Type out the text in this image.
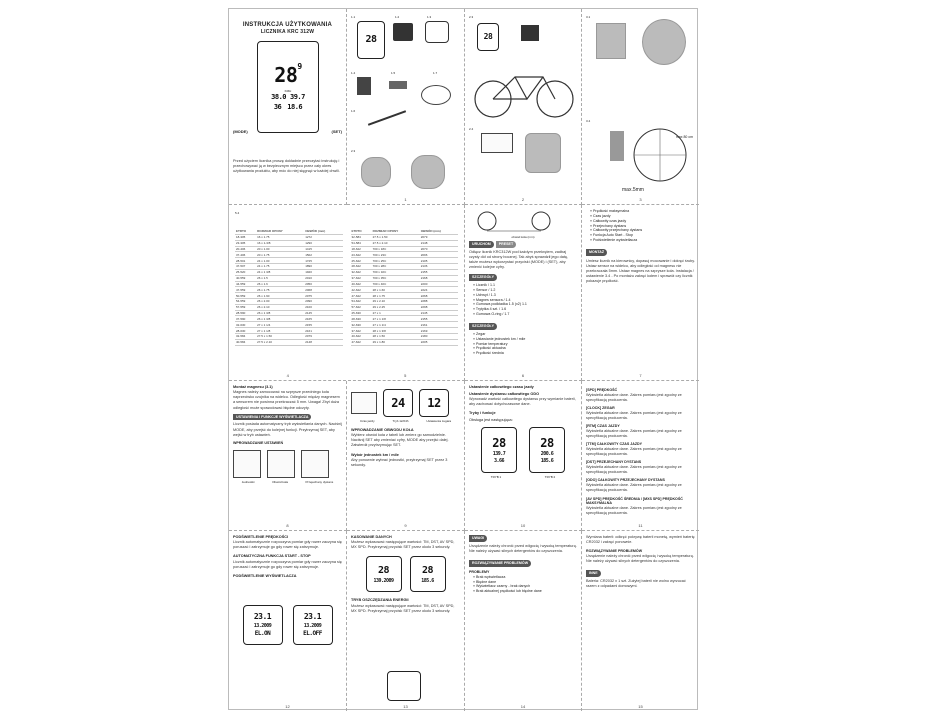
INSTRUKCJA UŻYTKOWANIA
LICZNIKA KRC 312W
28 9
KMH
38.0 39.7
36 18.6
(MODE)	(SET)
Przed użyciem licznika proszę dokładnie przeczytać instrukcję i przechowywać ją w bezpiecznym miejscu przez cały okres użytkowania produktu, aby móc do niej sięgnąć w każdej chwili.
1.1
28
1.2	1.3
1.4	1.5
1.6
1.7
2.3
1
2.3
28
2.4
2
3.1
3.4
max 80 cm
max.5mm
3
5.4
ETRTO	ROZMIAR OPONY	OBWÓD (mm)
18-305	16 x 1.75	1272
23-305	16 x 1-3/8	1290
20-406	20 x 1.00	1415
37-406	20 x 1.75	1502
28-501	24 x 1.00	1725
47-507	24 x 1.75	1890
25-520	24 x 1 3/8	1920
40-559	26 x 1.5	2010
44-559	26 x 1.6	2050
47-559	26 x 1.75	2068
50-559	26 x 1.90	2075
54-559	26 x 2.00	2090
57-559	26 x 2.10	2100
28-590	26 x 1 3/8	2145
37-590	26 x 1 3/8	2165
32-630	27 x 1 1/4	2155
28-630	27 x 1 1/8	2161
32-584	27.5 x 1.50	2079
40-584	27.5 x 2.10	2148
ETRTO	ROZMIAR OPONY	OBWÓD (mm)
32-584	27.5 x 1.50	2079
54-584	27.5 x 2.10	2148
18-622	700 x 18C	2070
23-622	700 x 23C	2096
25-622	700 x 25C	2105
28-622	700 x 28C	2136
32-622	700 x 32C	2155
37-622	700 x 35C	2168
40-622	700 x 40C	2200
42-622	28 x 1.60	2224
47-622	28 x 1.75	2268
54-622	29 x 2.10	2288
57-622	29 x 2.25	2298
25-630	27 x 1	2145
28-630	27 x 1 1/8	2155
32-630	27 x 1 1/4	2161
37-622	28 x 1 3/8	2169
40-622	28 x 1.50	2180
47-622	29 x 1.80	2205
4	5
obwód koła (mm)
URUCHOM PRESET
Odłącz licznik KRC312W pod każdym przekrętem, zadbaj czysty dół od strony bocznej. Tak abyś sprawdził jego datę, także możesz wykorzystać przyciski (MODE) i (SET), aby zmienić kolejne cyfry.
SZCZEGÓŁY
» Licznik / 1.1
» Sensor / 1.2
» Uchwyt / 1.3
» Magnes sensora / 1.4
» Gumowa podkładka 1.5 (x2) 1.1
» Trytytka 4 szt. / 1.6
» Gumowa O-ring / 1.7
SZCZEGÓŁY
» Zegar
» Ustawianie jednostek km / mile
» Pomiar temperatury
» Prędkość aktualna
» Prędkość średnia
6
» Prędkość maksymalna
» Czas jazdy
» Całkowity czas jazdy
» Przejechany dystans
» Całkowity przejechany dystans
» Funkcja Auto Start - Stop
» Podświetlenie wyświetlacza
MONTAŻ
Umiesz licznik na kierownicy, dopasuj mocowanie i dokręć śruby. Ustaw sensor na widelcu, aby odległość od magnesu nie przekraczała 5mm. Ustaw magnes na szprysze koła. Instalacja / ustawienie 3.4 - Po montażu zakręć kołem i sprawdź czy licznik pokazuje prędkość.
7
Montaż magnesu (3.1)
Magnes należy zamocować na szprysze przedniego koła naprzeciwko czujnika na widelcu. Odległość między magnesem a sensorem nie powinna przekraczać 5 mm. Uwaga! Zbyt duża odległość może spowodować błędne odczyty.
USTAWIENIA I FUNKCJE WYŚWIETLACZA
Licznik posiada automatyczny tryb wyświetlania danych. Naciśnij MODE, aby przejść do kolejnej funkcji. Przytrzymaj SET, aby wejść w tryb ustawień.
WPROWADZANIE USTAWIEŃ
Jednostki	Obwód koła	Przejechany dystans
8
24 12
Czas jazdy	Tryb 12/24h	Ustawienia zegara
WPROWADZANIE OBWODU KOŁA
Wybierz obwód koła z tabeli lub zmierz go samodzielnie. Naciśnij SET aby zmieniać cyfry, MODE aby przejść dalej. Zatwierdź przytrzymując SET.
Wybór jednostek km / mile
Aby ponownie wybrać jednostki, przytrzymaj SET przez 3 sekundy.
9
Ustawienie całkowitego czasu jazdy
Ustawienie dystansu całkowitego ODO
Wprowadź wartość całkowitego dystansu przy wymianie baterii, aby zachować dotychczasowe dane.
Tryby i funkcje
Obsługa jest następująca:
28
139.7
3.66
28
200.6
185.6
TRYB 1	TRYB 2
10
[SPD] PRĘDKOŚĆ
Wyświetla aktualne dane. Zakres pomiaru jest zgodny ze specyfikacją producenta.
[CLOCK] ZEGAR
Wyświetla aktualne dane. Zakres pomiaru jest zgodny ze specyfikacją producenta.
[RTM] CZAS JAZDY
Wyświetla aktualne dane. Zakres pomiaru jest zgodny ze specyfikacją producenta.
[TTM] CAŁKOWITY CZAS JAZDY
Wyświetla aktualne dane. Zakres pomiaru jest zgodny ze specyfikacją producenta.
[DST] PRZEJECHANY DYSTANS
Wyświetla aktualne dane. Zakres pomiaru jest zgodny ze specyfikacją producenta.
[ODO] CAŁKOWITY PRZEJECHANY DYSTANS
Wyświetla aktualne dane. Zakres pomiaru jest zgodny ze specyfikacją producenta.
[AV SPD] PRĘDKOŚĆ ŚREDNIA / [MXS SPD] PRĘDKOŚĆ MAKSYMALNA
Wyświetla aktualne dane. Zakres pomiaru jest zgodny ze specyfikacją producenta.
11
PODŚWIETLENIE PRĘDKOŚCI
Licznik automatycznie rozpoczyna pomiar gdy rower zaczyna się poruszać i zatrzymuje go gdy rower się zatrzymuje.
AUTOMATYCZNA FUNKCJA START - STOP
Licznik automatycznie rozpoczyna pomiar gdy rower zaczyna się poruszać i zatrzymuje go gdy rower się zatrzymuje.
PODŚWIETLENIE WYŚWIETLACZA
23.1
13.2009
EL.ON
23.1
13.2009
EL.OFF
12
KASOWANIE DANYCH
Możesz wykasować następujące wartości: TM, DST, AV SPD, MX SPD. Przytrzymaj przycisk SET przez około 3 sekundy.
28
139.2009
28
185.6
TRYB OSZCZĘDZANIA ENERGII
Możesz wykasować następujące wartości: TM, DST, AV SPD, MX SPD. Przytrzymaj przycisk SET przez około 3 sekundy.
13
UWAGI
Urządzenie należy chronić przed wilgocią i wysoką temperaturą. Nie należy używać silnych detergentów do czyszczenia.
ROZWIĄZYWANIE PROBLEMÓW
PROBLEMY
» Brak wyświetlacza
» Błędne dane
» Wyświetlacz czarny - brak danych
» Brak aktualnej prędkości lub błędne dane
14
Wymiana baterii: odkręć pokrywę baterii monetą, wymień baterię CR2032 i zakręć ponownie.
ROZWIĄZYWANIE PROBLEMÓW
Urządzenie należy chronić przed wilgocią i wysoką temperaturą. Nie należy używać silnych detergentów do czyszczenia.
INNE
Bateria: CR2032 x 1 szt. Zużytej baterii nie wolno wyrzucać razem z odpadami domowymi.
15
